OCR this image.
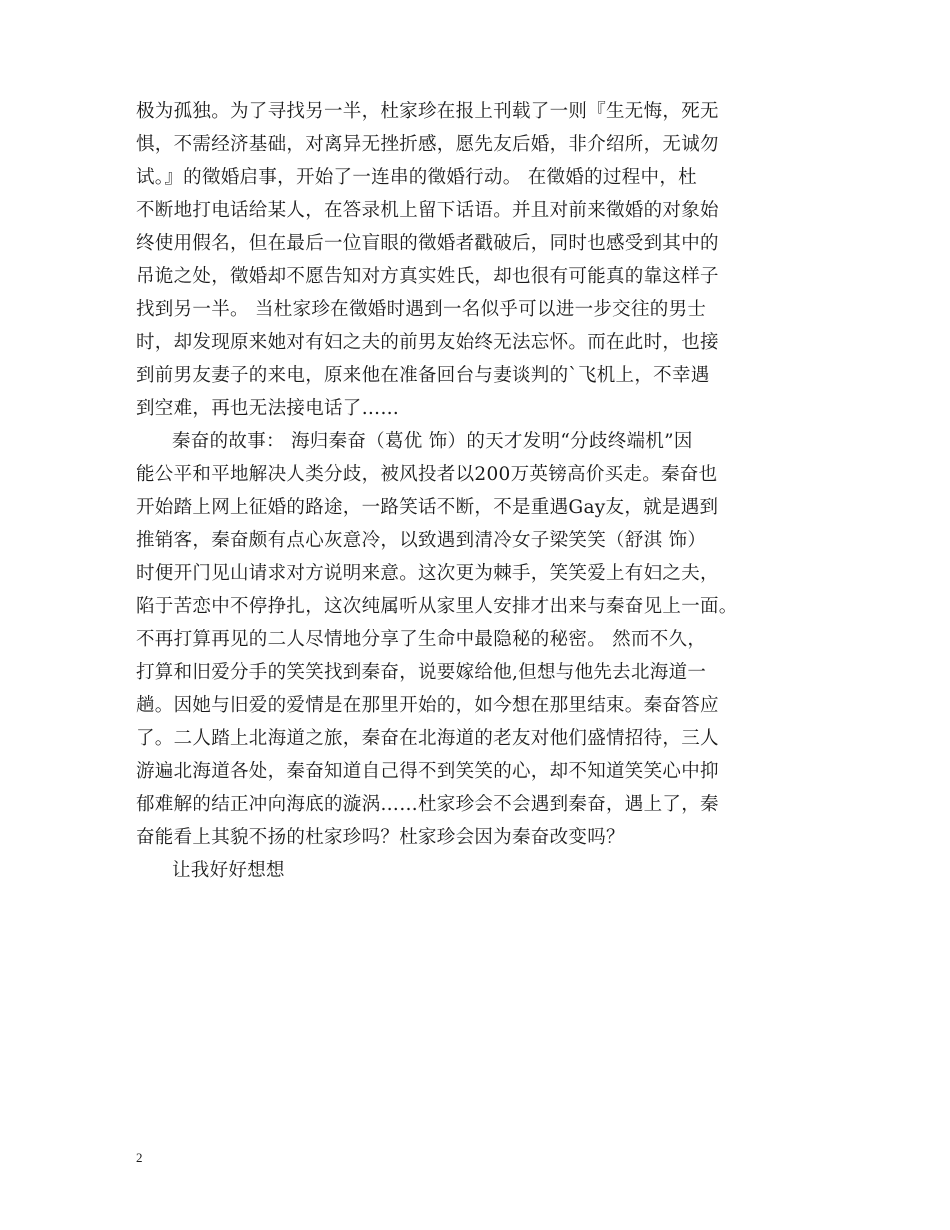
极为孤独。为了寻找另一半，杜家珍在报上刊载了一则『生无悔，死无
惧，不需经济基础，对离异无挫折感，愿先友后婚，非介绍所，无诚勿
试。』的徵婚启事，开始了一连串的徵婚行动。 在徵婚的过程中，杜
不断地打电话给某人，在答录机上留下话语。并且对前来徵婚的对象始
终使用假名，但在最后一位盲眼的徵婚者戳破后，同时也感受到其中的
吊诡之处，徵婚却不愿告知对方真实姓氏，却也很有可能真的靠这样子
找到另一半。 当杜家珍在徵婚时遇到一名似乎可以进一步交往的男士
时，却发现原来她对有妇之夫的前男友始终无法忘怀。而在此时，也接
到前男友妻子的来电，原来他在准备回台与妻谈判的`飞机上，不幸遇
到空难，再也无法接电话了……
秦奋的故事： 海归秦奋（葛优 饰）的天才发明“分歧终端机”因
能公平和平地解决人类分歧，被风投者以200万英镑高价买走。秦奋也
开始踏上网上征婚的路途，一路笑话不断，不是重遇Gay友，就是遇到
推销客，秦奋颇有点心灰意冷，以致遇到清冷女子梁笑笑（舒淇 饰）
时便开门见山请求对方说明来意。这次更为棘手，笑笑爱上有妇之夫，
陷于苦恋中不停挣扎，这次纯属听从家里人安排才出来与秦奋见上一面。
不再打算再见的二人尽情地分享了生命中最隐秘的秘密。 然而不久，
打算和旧爱分手的笑笑找到秦奋，说要嫁给他,但想与他先去北海道一
趟。因她与旧爱的爱情是在那里开始的，如今想在那里结束。秦奋答应
了。二人踏上北海道之旅，秦奋在北海道的老友对他们盛情招待，三人
游遍北海道各处，秦奋知道自己得不到笑笑的心，却不知道笑笑心中抑
郁难解的结正冲向海底的漩涡……杜家珍会不会遇到秦奋，遇上了，秦
奋能看上其貌不扬的杜家珍吗？杜家珍会因为秦奋改变吗？
让我好好想想
2
